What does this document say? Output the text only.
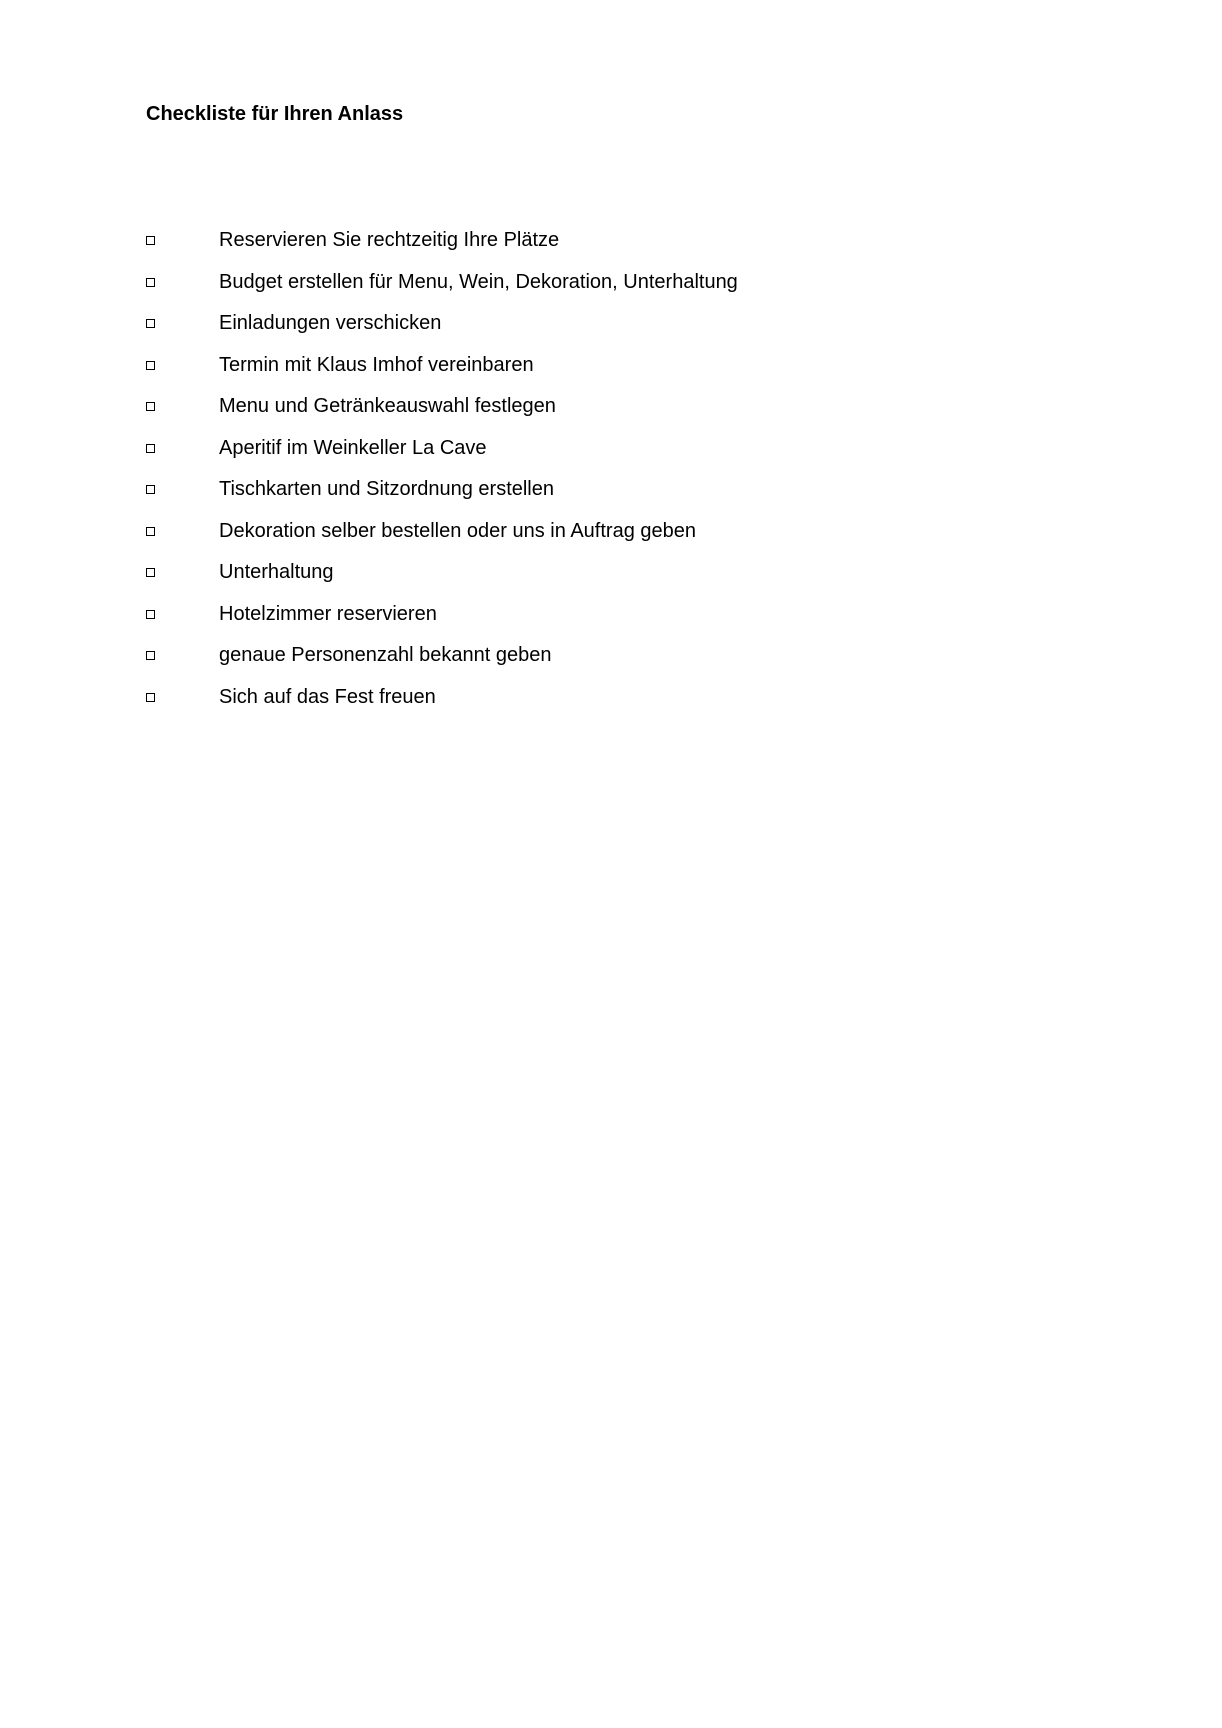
Checkliste für Ihren Anlass
Reservieren Sie rechtzeitig Ihre Plätze
Budget erstellen für Menu, Wein, Dekoration, Unterhaltung
Einladungen verschicken
Termin mit Klaus Imhof vereinbaren
Menu und Getränkeauswahl festlegen
Aperitif im Weinkeller La Cave
Tischkarten und Sitzordnung erstellen
Dekoration selber bestellen oder uns in Auftrag geben
Unterhaltung
Hotelzimmer reservieren
genaue Personenzahl bekannt geben
Sich auf das Fest freuen
